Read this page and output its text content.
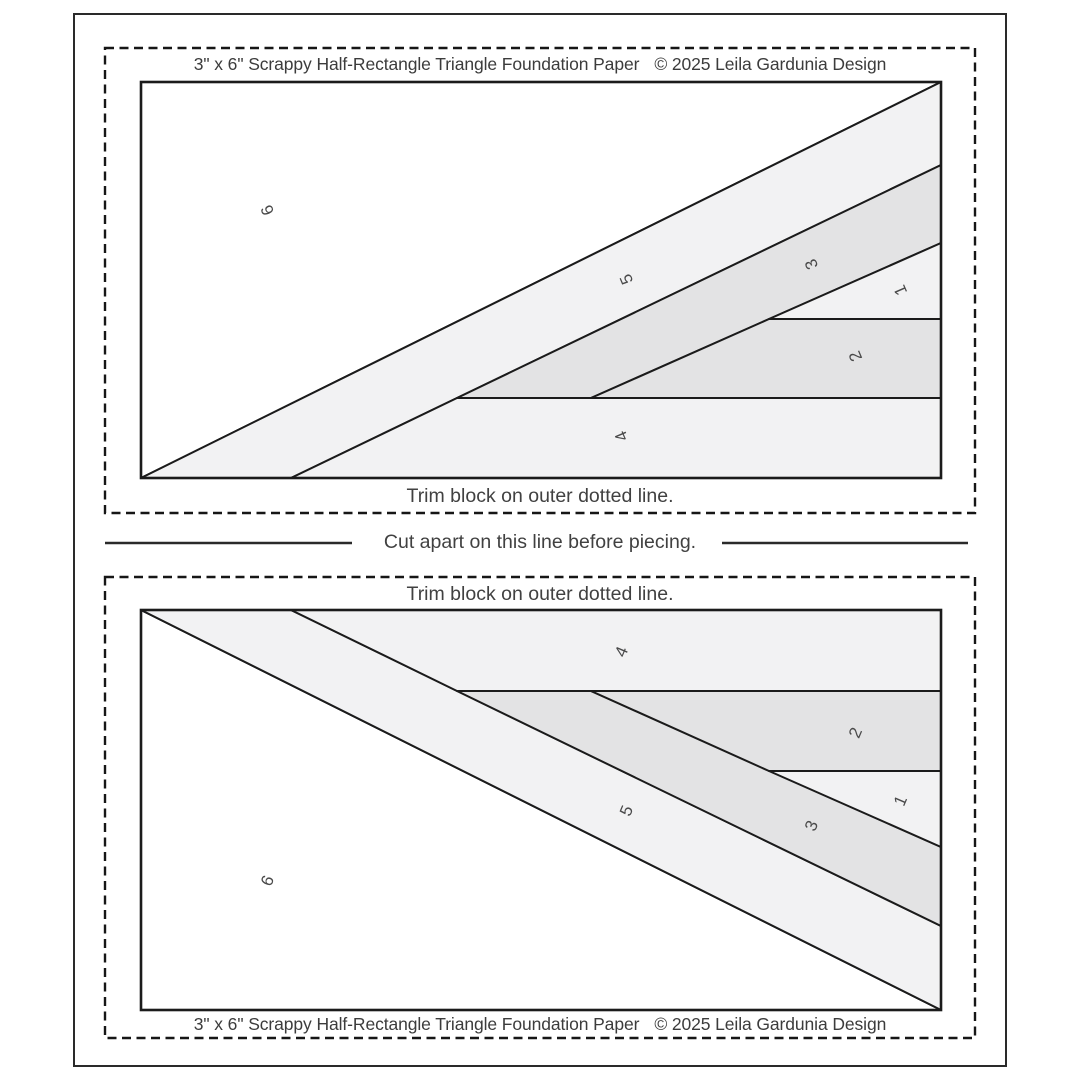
3" x 6" Scrappy Half-Rectangle Triangle Foundation Paper © 2025 Leila Gardunia Design
Trim block on outer dotted line.
Cut apart on this line before piecing.
Trim block on outer dotted line.
3" x 6" Scrappy Half-Rectangle Triangle Foundation Paper © 2025 Leila Gardunia Design
6
5
3
1
2
4
6
5
3
1
2
4
